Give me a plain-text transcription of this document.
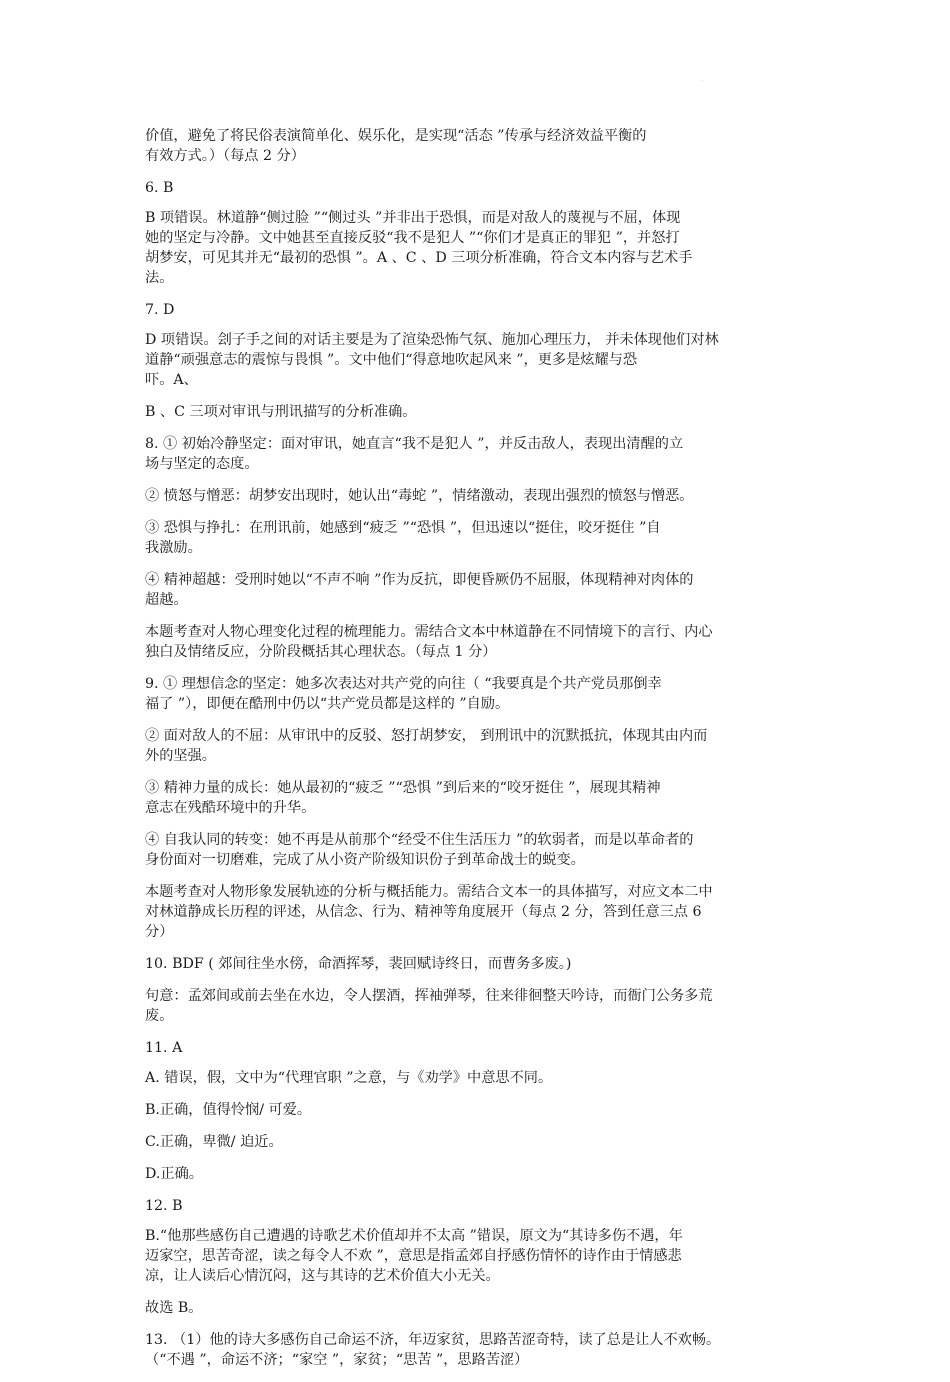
·

价值，避免了将民俗表演简单化、娱乐化，是实现“活态 ”传承与经济效益平衡的
有效方式。）（每点 2 分）

6. B

B 项错误。林道静“侧过脸 ”“侧过头 ”并非出于恐惧，而是对敌人的蔑视与不屈，体现
她的坚定与冷静。文中她甚至直接反驳“我不是犯人 ”“你们才是真正的罪犯 ”，并怒打
胡梦安，可见其并无“最初的恐惧 ”。A 、C 、D 三项分析准确，符合文本内容与艺术手
法。

7. D

D 项错误。刽子手之间的对话主要是为了渲染恐怖气氛、施加心理压力， 并未体现他们对林
道静“顽强意志的震惊与畏惧 ”。文中他们“得意地吹起风来 ”，更多是炫耀与恐
吓。A、

B 、C 三项对审讯与刑讯描写的分析准确。

8. ① 初始冷静坚定：面对审讯，她直言“我不是犯人 ”，并反击敌人，表现出清醒的立
场与坚定的态度。

② 愤怒与憎恶：胡梦安出现时，她认出“毒蛇 ”，情绪激动，表现出强烈的愤怒与憎恶。

③ 恐惧与挣扎：在刑讯前，她感到“疲乏 ”“恐惧 ”，但迅速以“挺住，咬牙挺住 ”自
我激励。

④ 精神超越：受刑时她以“不声不响 ”作为反抗，即便昏厥仍不屈服，体现精神对肉体的
超越。

本题考查对人物心理变化过程的梳理能力。需结合文本中林道静在不同情境下的言行、内心
独白及情绪反应，分阶段概括其心理状态。（每点 1 分）

9. ① 理想信念的坚定：她多次表达对共产党的向往（ “我要真是个共产党员那倒幸
福了 ”），即便在酷刑中仍以“共产党员都是这样的 ”自励。

② 面对敌人的不屈：从审讯中的反驳、怒打胡梦安， 到刑讯中的沉默抵抗，体现其由内而
外的坚强。

③ 精神力量的成长：她从最初的“疲乏 ”“恐惧 ”到后来的“咬牙挺住 ”，展现其精神
意志在残酷环境中的升华。

④ 自我认同的转变：她不再是从前那个“经受不住生活压力 ”的软弱者，而是以革命者的
身份面对一切磨难，完成了从小资产阶级知识份子到革命战士的蜕变。

本题考查对人物形象发展轨迹的分析与概括能力。需结合文本一的具体描写，对应文本二中
对林道静成长历程的评述，从信念、行为、精神等角度展开（每点 2 分，答到任意三点 6
分）

10. BDF ( 郊间往坐水傍，命酒挥琴，裴回赋诗终日，而曹务多废。)

句意：孟郊间或前去坐在水边，令人摆酒，挥袖弹琴，往来徘徊整天吟诗，而衙门公务多荒
废。

11. A

A. 错误，假，文中为“代理官职 ”之意，与《劝学》中意思不同。

B.正确，值得怜悯/ 可爱。

C.正确，卑微/ 迫近。

D.正确。

12. B

B.“他那些感伤自己遭遇的诗歌艺术价值却并不太高 ”错误，原文为“其诗多伤不遇，年
迈家空，思苦奇涩，读之每令人不欢 ”，意思是指孟郊自抒感伤情怀的诗作由于情感悲
凉，让人读后心情沉闷，这与其诗的艺术价值大小无关。

故选 B。

13. （1）他的诗大多感伤自己命运不济，年迈家贫，思路苦涩奇特，读了总是让人不欢畅。
（“不遇 ”，命运不济；“家空 ”，家贫；“思苦 ”，思路苦涩）
